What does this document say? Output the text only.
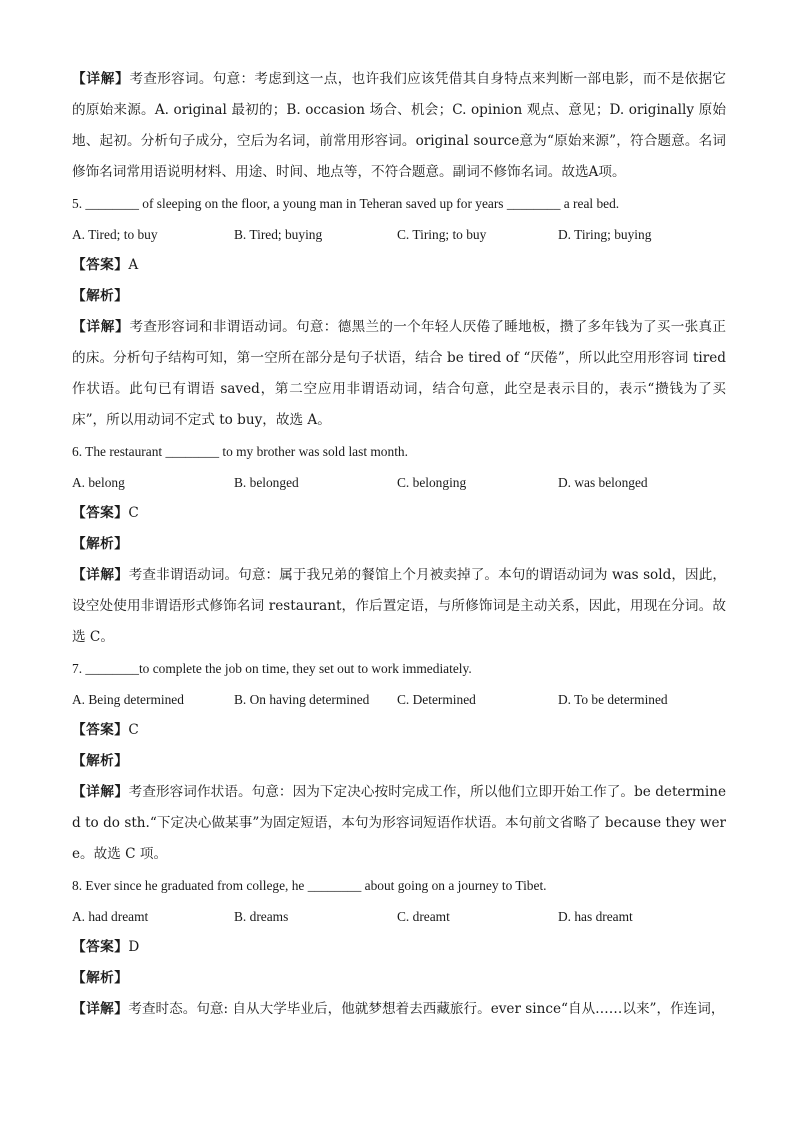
【详解】考查形容词。句意：考虑到这一点，也许我们应该凭借其自身特点来判断一部电影，而不是依据它的原始来源。A. original 最初的；B. occasion 场合、机会；C. opinion 观点、意见；D. originally 原始地、起初。分析句子成分，空后为名词，前常用形容词。original source意为“原始来源”，符合题意。名词修饰名词常用语说明材料、用途、时间、地点等，不符合题意。副词不修饰名词。故选A项。

5. ________ of sleeping on the floor, a young man in Teheran saved up for years ________ a real bed.

A. Tired; to buy	B. Tired; buying	C. Tiring; to buy	D. Tiring; buying

【答案】A

【解析】

【详解】考查形容词和非谓语动词。句意：德黑兰的一个年轻人厌倦了睡地板，攒了多年钱为了买一张真正的床。分析句子结构可知，第一空所在部分是句子状语，结合 be tired of “厌倦”，所以此空用形容词 tired 作状语。此句已有谓语 saved，第二空应用非谓语动词，结合句意，此空是表示目的，表示“攒钱为了买床”，所以用动词不定式 to buy，故选 A。

6. The restaurant ________ to my brother was sold last month.

A. belong	B. belonged	C. belonging	D. was belonged

【答案】C

【解析】

【详解】考查非谓语动词。句意：属于我兄弟的餐馆上个月被卖掉了。本句的谓语动词为 was sold，因此，设空处使用非谓语形式修饰名词 restaurant，作后置定语，与所修饰词是主动关系，因此，用现在分词。故选 C。

7. ________to complete the job on time, they set out to work immediately.

A. Being determined	B. On having determined	C. Determined	D. To be determined

【答案】C

【解析】

【详解】考查形容词作状语。句意：因为下定决心按时完成工作，所以他们立即开始工作了。be determined to do sth.“下定决心做某事”为固定短语，本句为形容词短语作状语。本句前文省略了 because they were。故选 C 项。

8. Ever since he graduated from college, he ________ about going on a journey to Tibet.

A. had dreamt	B. dreams	C. dreamt	D. has dreamt

【答案】D

【解析】

【详解】考查时态。句意: 自从大学毕业后，他就梦想着去西藏旅行。ever since“自从……以来”，作连词，
